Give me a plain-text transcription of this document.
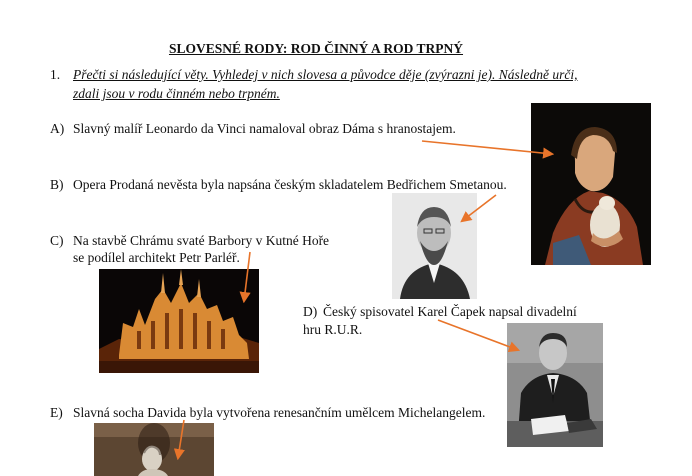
SLOVESNÉ RODY: ROD ČINNÝ A ROD TRPNÝ
1. Přečti si následující věty. Vyhledej v nich slovesa a původce děje (zvýrazni je). Následně urči,
zdali jsou v rodu činném nebo trpném.
A) Slavný malíř Leonardo da Vinci namaloval obraz Dáma s hranostajem.
B) Opera Prodaná nevěsta byla napsána českým skladatelem Bedřichem Smetanou.
C) Na stavbě Chrámu svaté Barbory v Kutné Hoře
se podílel architekt Petr Parléř.
D) Český spisovatel Karel Čapek napsal divadelní
hru R.U.R.
E) Slavná socha Davida byla vytvořena renesančním umělcem Michelangelem.
